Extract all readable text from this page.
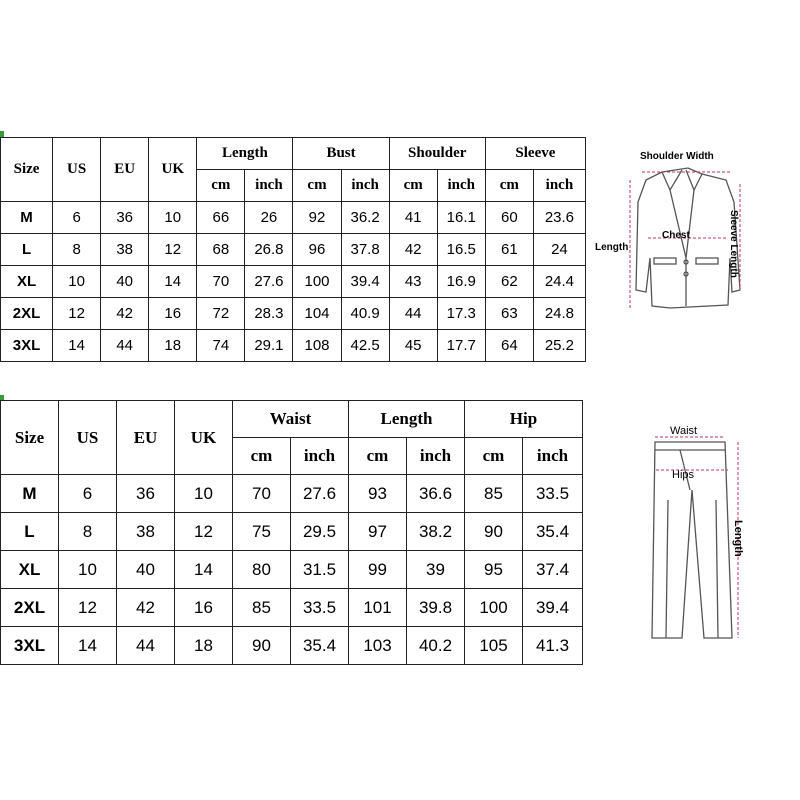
Size	US	EU	UK	Length		Bust		Shoulder		Sleeve	
				cm	inch	cm	inch	cm	inch	cm	inch
M	6	36	10	66	26	92	36.2	41	16.1	60	23.6
L	8	38	12	68	26.8	96	37.8	42	16.5	61	24
XL	10	40	14	70	27.6	100	39.4	43	16.9	62	24.4
2XL	12	42	16	72	28.3	104	40.9	44	17.3	63	24.8
3XL	14	44	18	74	29.1	108	42.5	45	17.7	64	25.2
Size	US	EU	UK	Waist		Length		Hip	
				cm	inch	cm	inch	cm	inch
M	6	36	10	70	27.6	93	36.6	85	33.5
L	8	38	12	75	29.5	97	38.2	90	35.4
XL	10	40	14	80	31.5	99	39	95	37.4
2XL	12	42	16	85	33.5	101	39.8	100	39.4
3XL	14	44	18	90	35.4	103	40.2	105	41.3
Shoulder Width
Chest
Length	Sleeve Length
Waist
Hips
Length
